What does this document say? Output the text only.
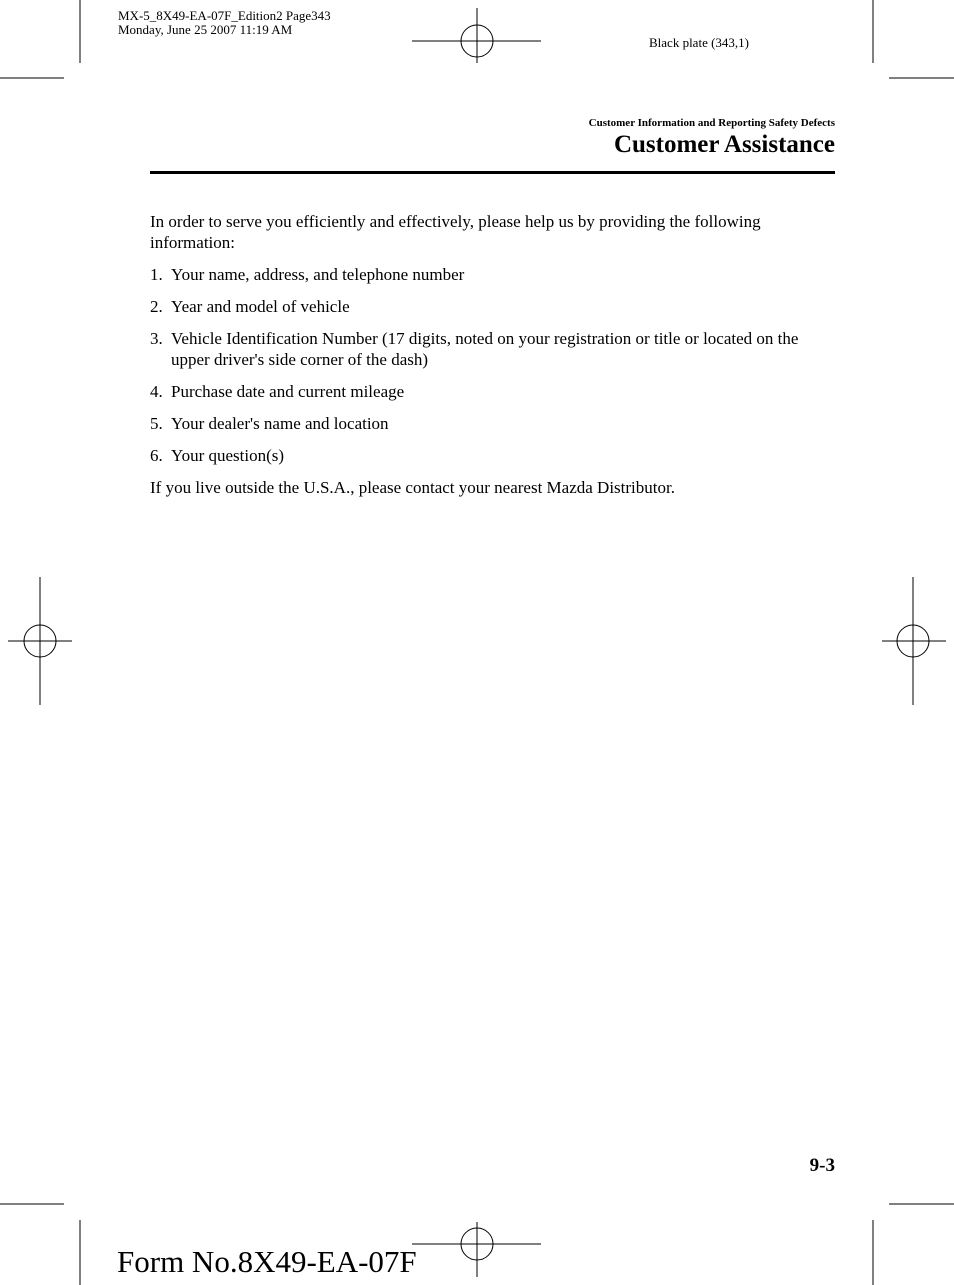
MX-5_8X49-EA-07F_Edition2 Page343
Monday, June 25 2007 11:19 AM
Black plate (343,1)
Customer Information and Reporting Safety Defects
Customer Assistance
In order to serve you efficiently and effectively, please help us by providing the following information:
1. Your name, address, and telephone number
2. Year and model of vehicle
3. Vehicle Identification Number (17 digits, noted on your registration or title or located on the upper driver's side corner of the dash)
4. Purchase date and current mileage
5. Your dealer's name and location
6. Your question(s)
If you live outside the U.S.A., please contact your nearest Mazda Distributor.
9-3
Form No.8X49-EA-07F
